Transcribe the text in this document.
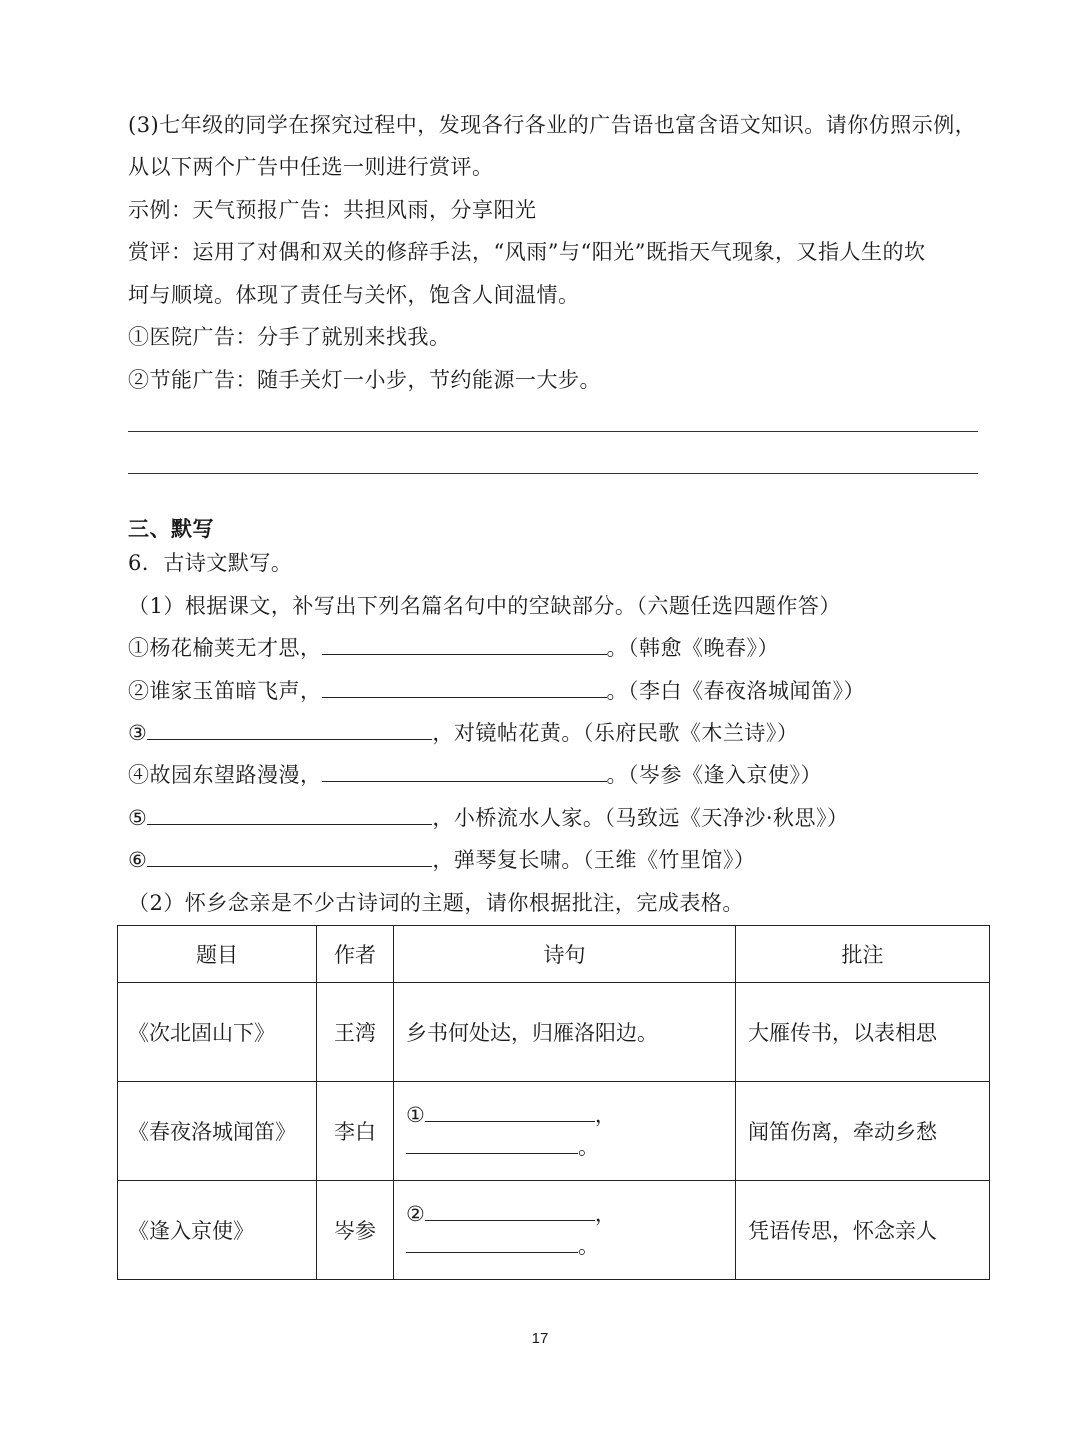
(3)七年级的同学在探究过程中，发现各行各业的广告语也富含语文知识。请你仿照示例，
从以下两个广告中任选一则进行赏评。
示例：天气预报广告：共担风雨，分享阳光
赏评：运用了对偶和双关的修辞手法，“风雨”与“阳光”既指天气现象，又指人生的坎
坷与顺境。体现了责任与关怀，饱含人间温情。
①医院广告：分手了就别来找我。
②节能广告：随手关灯一小步，节约能源一大步。
三、默写
6．古诗文默写。
（1）根据课文，补写出下列名篇名句中的空缺部分。（六题任选四题作答）
①杨花榆荚无才思，	。（韩愈《晚春》）
②谁家玉笛暗飞声，	。（李白《春夜洛城闻笛》）
③	，对镜帖花黄。（乐府民歌《木兰诗》）
④故园东望路漫漫，	。（岑参《逢入京使》）
⑤	，小桥流水人家。（马致远《天净沙·秋思》）
⑥	，弹琴复长啸。（王维《竹里馆》）
（2）怀乡念亲是不少古诗词的主题，请你根据批注，完成表格。
题目	作者	诗句	批注
《次北固山下》	王湾	乡书何处达，归雁洛阳边。	大雁传书，以表相思
《春夜洛城闻笛》	李白	① ，
。	闻笛伤离，牵动乡愁
《逢入京使》	岑参	② ，
。	凭语传思，怀念亲人
17
